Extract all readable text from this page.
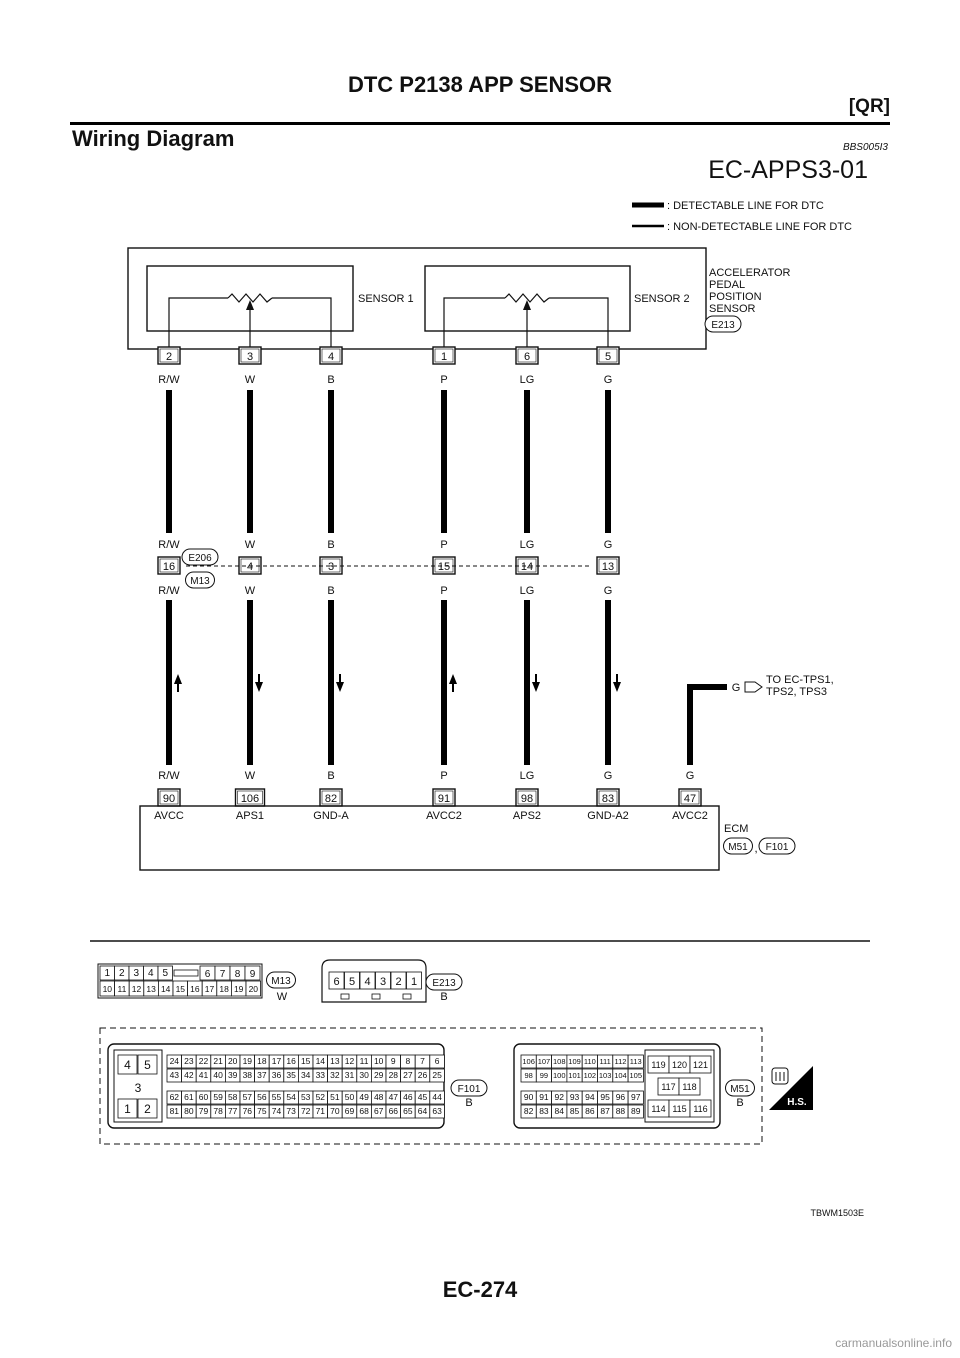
DTC P2138 APP SENSOR
[QR]
Wiring Diagram	BBS005I3
EC-APPS3-01
: DETECTABLE LINE FOR DTC
: NON-DETECTABLE LINE FOR DTC
SENSOR 1	SENSOR 2
ACCELERATOR
PEDAL
POSITION
SENSOR
E213
2
R/W
R/W
16
R/W
R/W
90
AVCC
3
W
W
4
W
W
106
APS1
4
B
B
3
B
B
82
GND-A
1
P
P
15
P
P
91
AVCC2
6
LG
LG
14
LG
LG
98
APS2
5
G
G
13
G
G
83
GND-A2
E206
M13
G
TO EC-TPS1,
TPS2, TPS3
G
47
AVCC2
ECM
M51 , F101
1 2 3 4 5	6 7 8 9
10 11 12 13 14 15 16 17 18 19 20
M13
W
6 5 4 3 2 1 E213
B
4 5
3
1 2
24 23 22 21 20 19 18 17 16 15 14 13 12 11 10 9 8 7 6
43 42 41 40 39 38 37 36 35 34 33 32 31 30 29 28 27 26 25
62 61 60 59 58 57 56 55 54 53 52 51 50 49 48 47 46 45 44
81 80 79 78 77 76 75 74 73 72 71 70 69 68 67 66 65 64 63
F101
B
106 107 108 109 110 111 112 113
98 99 100 101 102 103 104 105
90 91 92 93 94 95 96 97
82 83 84 85 86 87 88 89
119 120 121
117 118
114 115 116
M51
B	H.S.
TBWM1503E
EC-274
carmanualsonline.info
